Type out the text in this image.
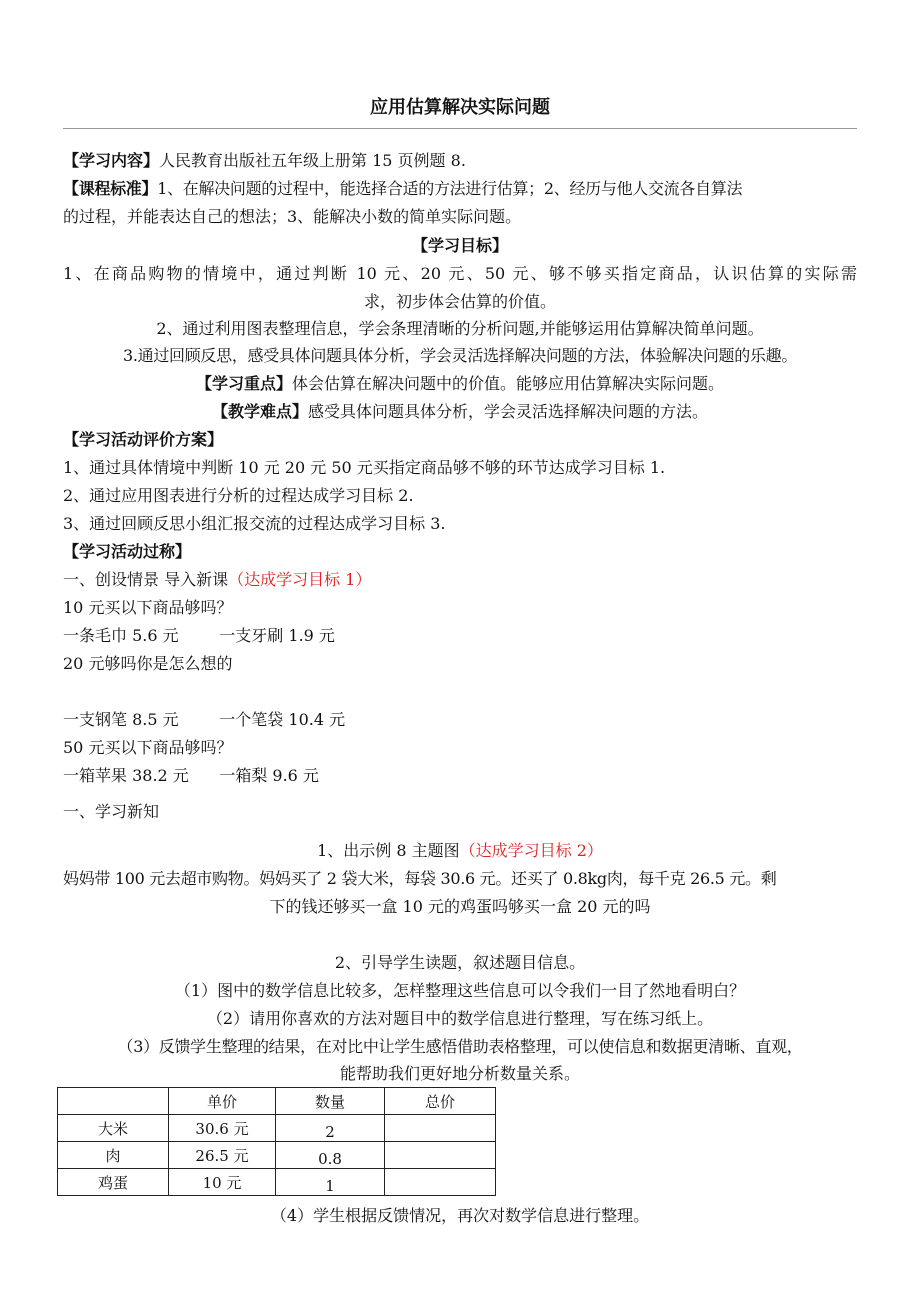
应用估算解决实际问题
【学习内容】人民教育出版社五年级上册第 15 页例题 8.
【课程标准】1、在解决问题的过程中，能选择合适的方法进行估算；2、经历与他人交流各自算法
的过程，并能表达自己的想法；3、能解决小数的简单实际问题。
【学习目标】
1、在商品购物的情境中，通过判断 10 元、20 元、50 元、够不够买指定商品，认识估算的实际需
求，初步体会估算的价值。
2、通过利用图表整理信息，学会条理清晰的分析问题,并能够运用估算解决简单问题。
3.通过回顾反思，感受具体问题具体分析，学会灵活选择解决问题的方法，体验解决问题的乐趣。
【学习重点】体会估算在解决问题中的价值。能够应用估算解决实际问题。
【教学难点】感受具体问题具体分析，学会灵活选择解决问题的方法。
【学习活动评价方案】
1、通过具体情境中判断 10 元 20 元 50 元买指定商品够不够的环节达成学习目标 1.
2、通过应用图表进行分析的过程达成学习目标 2.
3、通过回顾反思小组汇报交流的过程达成学习目标 3.
【学习活动过称】
一、创设情景 导入新课（达成学习目标 1）
10 元买以下商品够吗？
一条毛巾 5.6 元        一支牙刷 1.9 元
20 元够吗你是怎么想的
一支钢笔 8.5 元        一个笔袋 10.4 元
50 元买以下商品够吗？
一箱苹果 38.2 元      一箱梨 9.6 元
一、学习新知
1、出示例 8 主题图（达成学习目标 2）
妈妈带 100 元去超市购物。妈妈买了 2 袋大米，每袋 30.6 元。还买了 0.8kg肉，每千克 26.5 元。剩
下的钱还够买一盒 10 元的鸡蛋吗够买一盒 20 元的吗
2、引导学生读题，叙述题目信息。
（1）图中的数学信息比较多，怎样整理这些信息可以令我们一目了然地看明白？
（2）请用你喜欢的方法对题目中的数学信息进行整理，写在练习纸上。
（3）反馈学生整理的结果，在对比中让学生感悟借助表格整理，可以使信息和数据更清晰、直观，
能帮助我们更好地分析数量关系。
	单价	数量	总价
大米	30.6 元	2	
肉	26.5 元	0.8	
鸡蛋	10 元	1	
（4）学生根据反馈情况，再次对数学信息进行整理。
